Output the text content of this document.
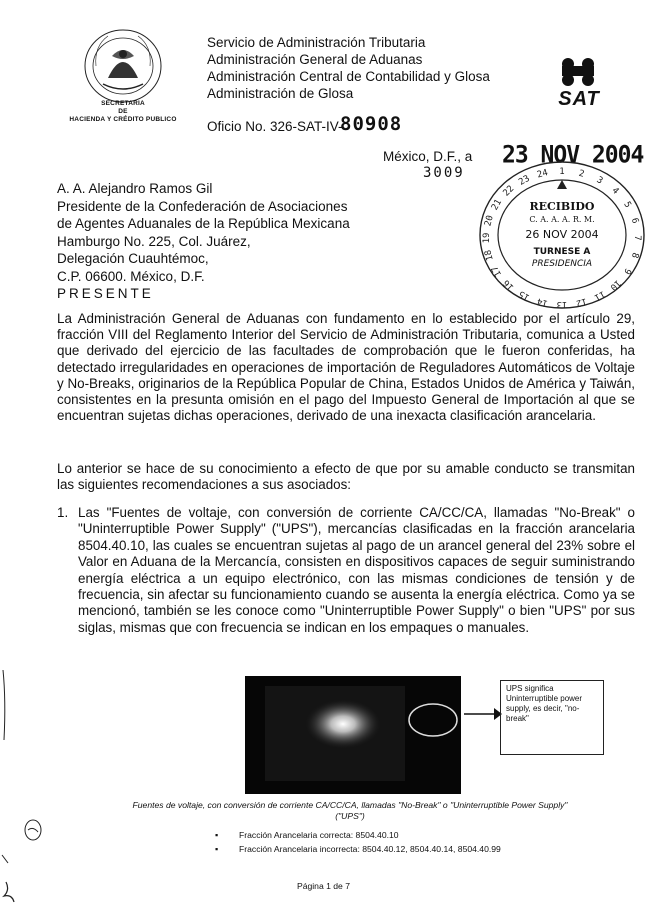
SECRETARIA
DE
HACIENDA Y CRÉDITO PUBLICO
Servicio de Administración Tributaria
Administración General de Aduanas
Administración Central de Contabilidad y Glosa
Administración de Glosa	SAT
Oficio No. 326-SAT-IV-
80908
México, D.F., a 23 NOV 2004
3009	1 2
3
4
5
6
7
8
9
10
11
12
13
14
15
16
17
18
19
20
21
22
23 24
RECIBIDO
C. A. A. A. R. M.
26 NOV 2004
TURNESE A
PRESIDENCIA
A. A. Alejandro Ramos Gil
Presidente de la Confederación de Asociaciones
de Agentes Aduanales de la República Mexicana
Hamburgo No. 225, Col. Juárez,
Delegación Cuauhtémoc,
C.P. 06600. México, D.F.
PRESENTE
La Administración General de Aduanas con fundamento en lo establecido por el artículo 29, fracción VIII del Reglamento Interior del Servicio de Administración Tributaria, comunica a Usted que derivado del ejercicio de las facultades de comprobación que le fueron conferidas, ha detectado irregularidades en operaciones de importación de Reguladores Automáticos de Voltaje y No-Breaks, originarios de la República Popular de China, Estados Unidos de América y Taiwán, consistentes en la presunta omisión en el pago del Impuesto General de Importación al que se encuentran sujetas dichas operaciones, derivado de una inexacta clasificación arancelaria.
Lo anterior se hace de su conocimiento a efecto de que por su amable conducto se transmitan las siguientes recomendaciones a sus asociados:
1. Las "Fuentes de voltaje, con conversión de corriente CA/CC/CA, llamadas "No-Break" o "Uninterruptible Power Supply" ("UPS"), mercancías clasificadas en la fracción arancelaria 8504.40.10, las cuales se encuentran sujetas al pago de un arancel general del 23% sobre el Valor en Aduana de la Mercancía, consisten en dispositivos capaces de seguir suministrando energía eléctrica a un equipo electrónico, con las mismas condiciones de tensión y de frecuencia, sin afectar su funcionamiento cuando se ausenta la energía eléctrica. Como ya se mencionó, también se les conoce como "Uninterruptible Power Supply" o bien "UPS" por sus siglas, mismas que con frecuencia se indican en los empaques o manuales.
UPS significa Uninterruptible power supply, es decir, "no-break"
Fuentes de voltaje, con conversión de corriente CA/CC/CA, llamadas "No-Break" o "Uninterruptible Power Supply"
("UPS")
▪ Fracción Arancelaria correcta: 8504.40.10
▪ Fracción Arancelaria incorrecta: 8504.40.12, 8504.40.14, 8504.40.99
Página 1 de 7
